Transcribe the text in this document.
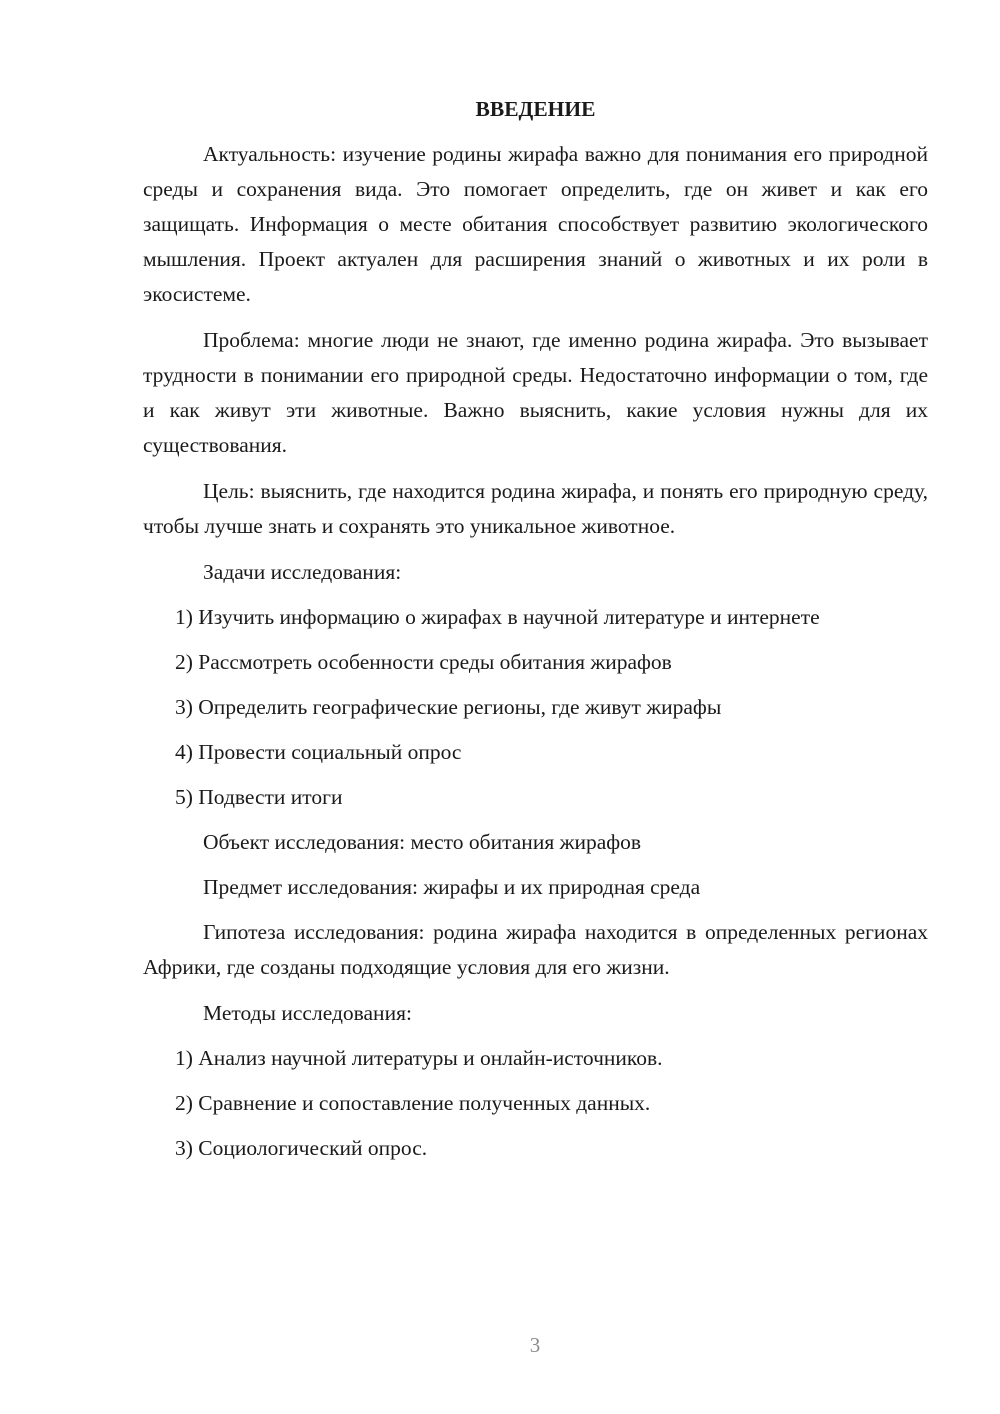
ВВЕДЕНИЕ

Актуальность: изучение родины жирафа важно для понимания его природной среды и сохранения вида. Это помогает определить, где он живет и как его защищать. Информация о месте обитания способствует развитию экологического мышления. Проект актуален для расширения знаний о животных и их роли в экосистеме.

Проблема: многие люди не знают, где именно родина жирафа. Это вызывает трудности в понимании его природной среды. Недостаточно информации о том, где и как живут эти животные. Важно выяснить, какие условия нужны для их существования.

Цель: выяснить, где находится родина жирафа, и понять его природную среду, чтобы лучше знать и сохранять это уникальное животное.

Задачи исследования:
1) Изучить информацию о жирафах в научной литературе и интернете
2) Рассмотреть особенности среды обитания жирафов
3) Определить географические регионы, где живут жирафы
4) Провести социальный опрос
5) Подвести итоги
Объект исследования: место обитания жирафов
Предмет исследования: жирафы и их природная среда

Гипотеза исследования: родина жирафа находится в определенных регионах Африки, где созданы подходящие условия для его жизни.

Методы исследования:
1) Анализ научной литературы и онлайн-источников.
2) Сравнение и сопоставление полученных данных.
3) Социологический опрос.
3
